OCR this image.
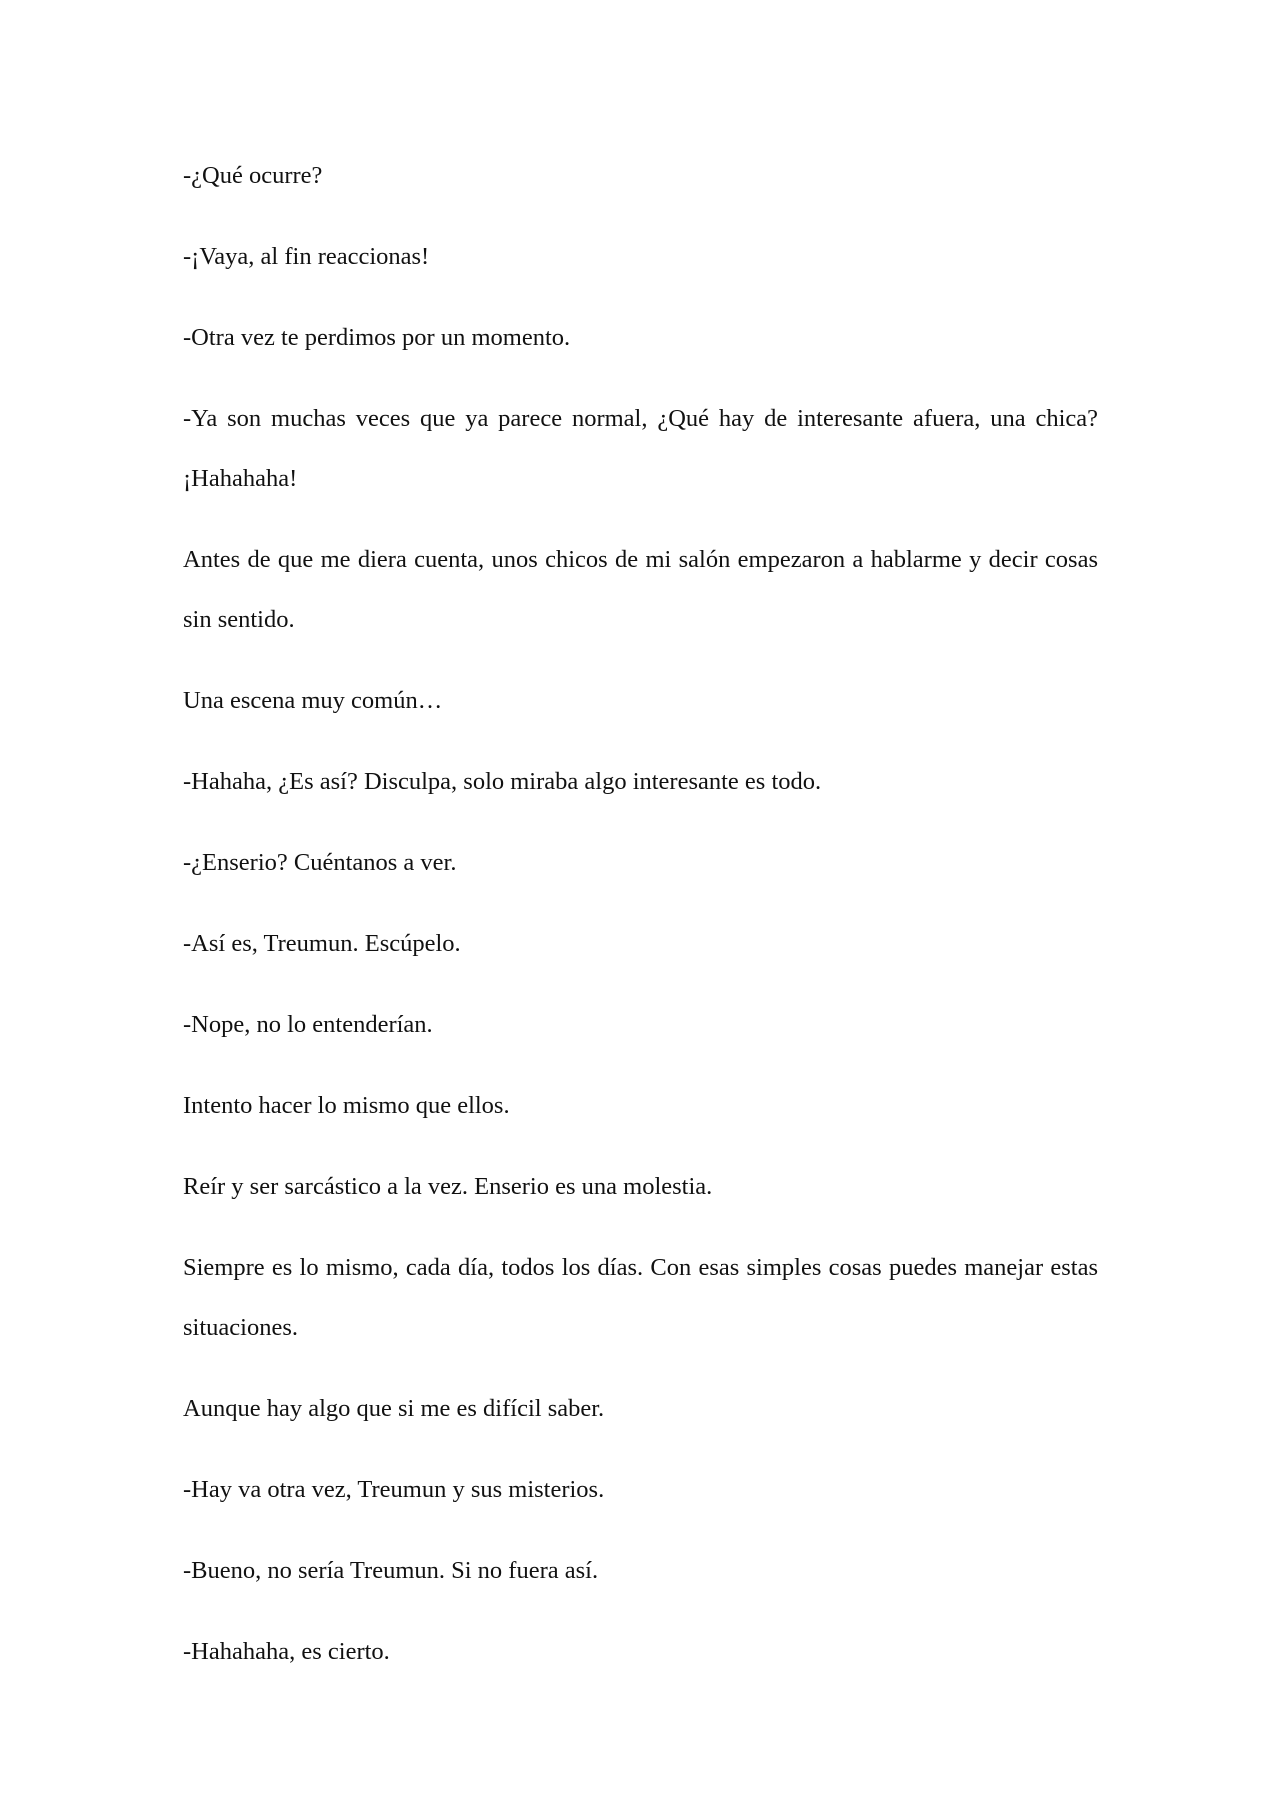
-¿Qué ocurre?

-¡Vaya, al fin reaccionas!

-Otra vez te perdimos por un momento.

-Ya son muchas veces que ya parece normal, ¿Qué hay de interesante afuera, una chica? ¡Hahahaha!

Antes de que me diera cuenta, unos chicos de mi salón empezaron a hablarme y decir cosas sin sentido.

Una escena muy común…

-Hahaha, ¿Es así? Disculpa, solo miraba algo interesante es todo.

-¿Enserio? Cuéntanos a ver.

-Así es, Treumun. Escúpelo.

-Nope, no lo entenderían.

Intento hacer lo mismo que ellos.

Reír y ser sarcástico a la vez. Enserio es una molestia.

Siempre es lo mismo, cada día, todos los días. Con esas simples cosas puedes manejar estas situaciones.

Aunque hay algo que si me es difícil saber.

-Hay va otra vez, Treumun y sus misterios.

-Bueno, no sería Treumun. Si no fuera así.

-Hahahaha, es cierto.
